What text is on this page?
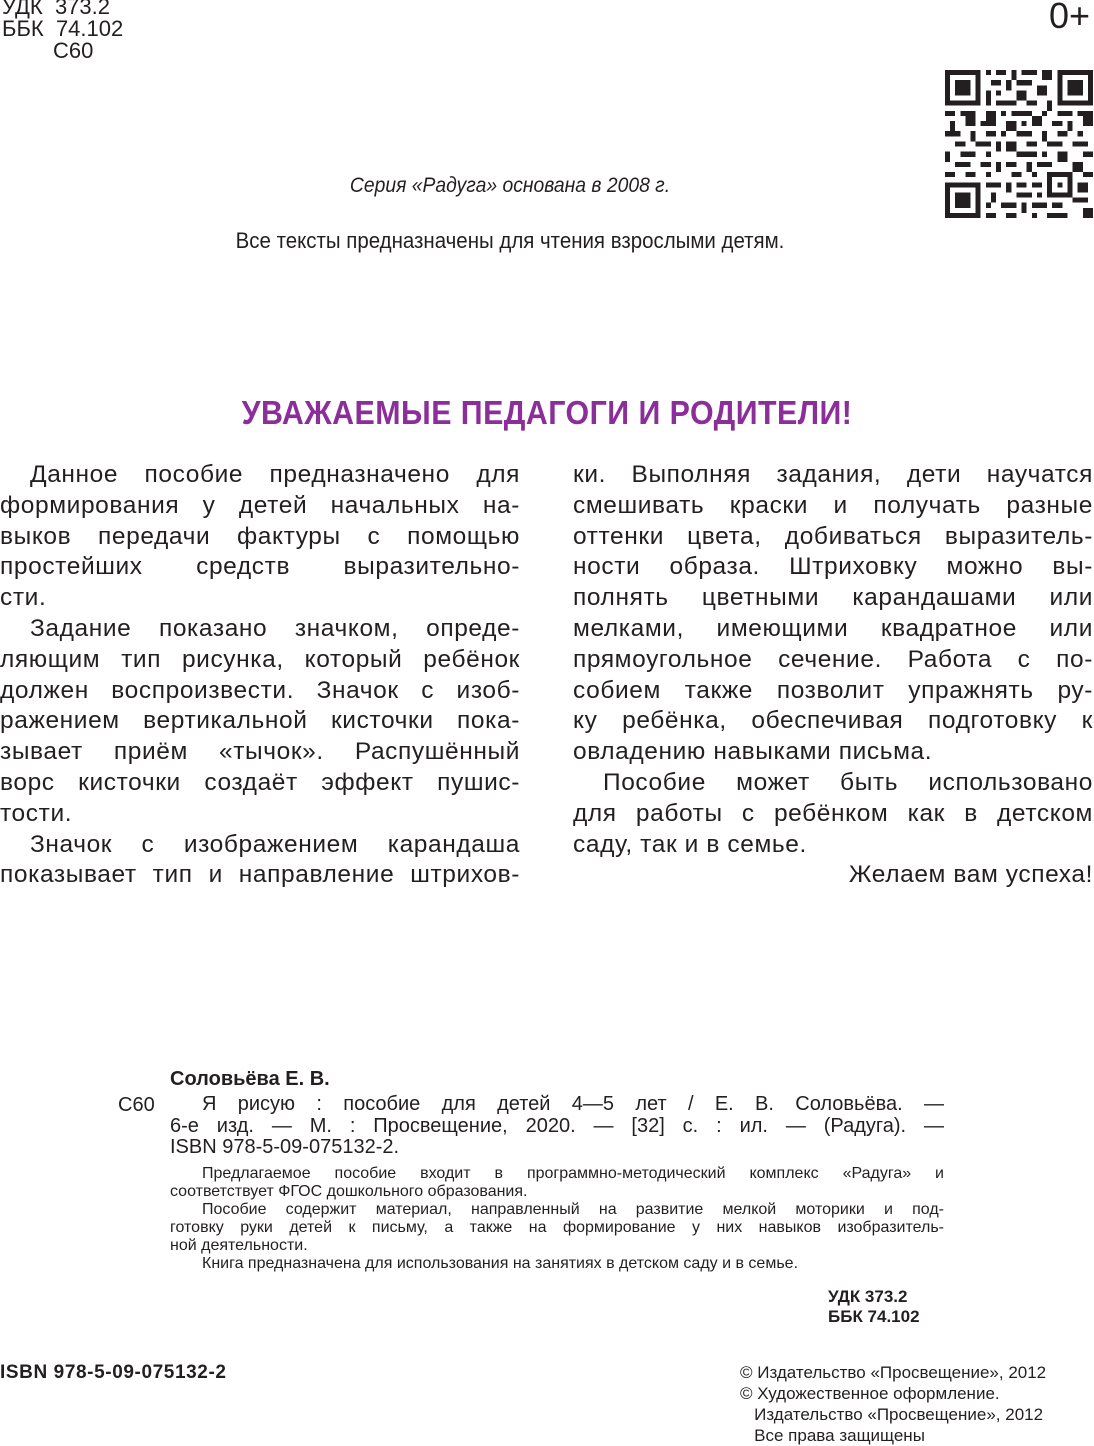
УДК 373.2
ББК 74.102
С60
0+
Серия «Радуга» основана в 2008 г.
Все тексты предназначены для чтения взрослыми детям.
УВАЖАЕМЫЕ ПЕДАГОГИ И РОДИТЕЛИ!

Данное пособие предназначено для

формирования у детей начальных на-

выков передачи фактуры с помощью

простейших средств выразительно-

сти.

Задание показано значком, опреде-

ляющим тип рисунка, который ребёнок

должен воспроизвести. Значок с изоб-

ражением вертикальной кисточки пока-

зывает приём «тычок». Распушённый

ворс кисточки создаёт эффект пушис-

тости.

Значок с изображением карандаша

показывает тип и направление штрихов-

ки. Выполняя задания, дети научатся

смешивать краски и получать разные

оттенки цвета, добиваться выразитель-

ности образа. Штриховку можно вы-

полнять цветными карандашами или

мелками, имеющими квадратное или

прямоугольное сечение. Работа с по-

собием также позволит упражнять ру-

ку ребёнка, обеспечивая подготовку к

овладению навыками письма.

Пособие может быть использовано

для работы с ребёнком как в детском

саду, так и в семье.

Желаем вам успеха!

Соловьёва Е. В.
С60	Я рисую : пособие для детей 4—5 лет / Е. В. Соловьёва. —

6-е изд. — М. : Просвещение, 2020. — [32] с. : ил. — (Радуга). —

ISBN 978-5-09-075132-2.

Предлагаемое пособие входит в программно-методический комплекс «Радуга» и

соответствует ФГОС дошкольного образования.

Пособие содержит материал, направленный на развитие мелкой моторики и под-

готовку руки детей к письму, а также на формирование у них навыков изобразитель-

ной деятельности.

Книга предназначена для использования на занятиях в детском саду и в семье.

УДК 373.2
ББК 74.102
ISBN 978-5-09-075132-2	© Издательство «Просвещение», 2012
© Художественное оформление.
Издательство «Просвещение», 2012
Все права защищены
